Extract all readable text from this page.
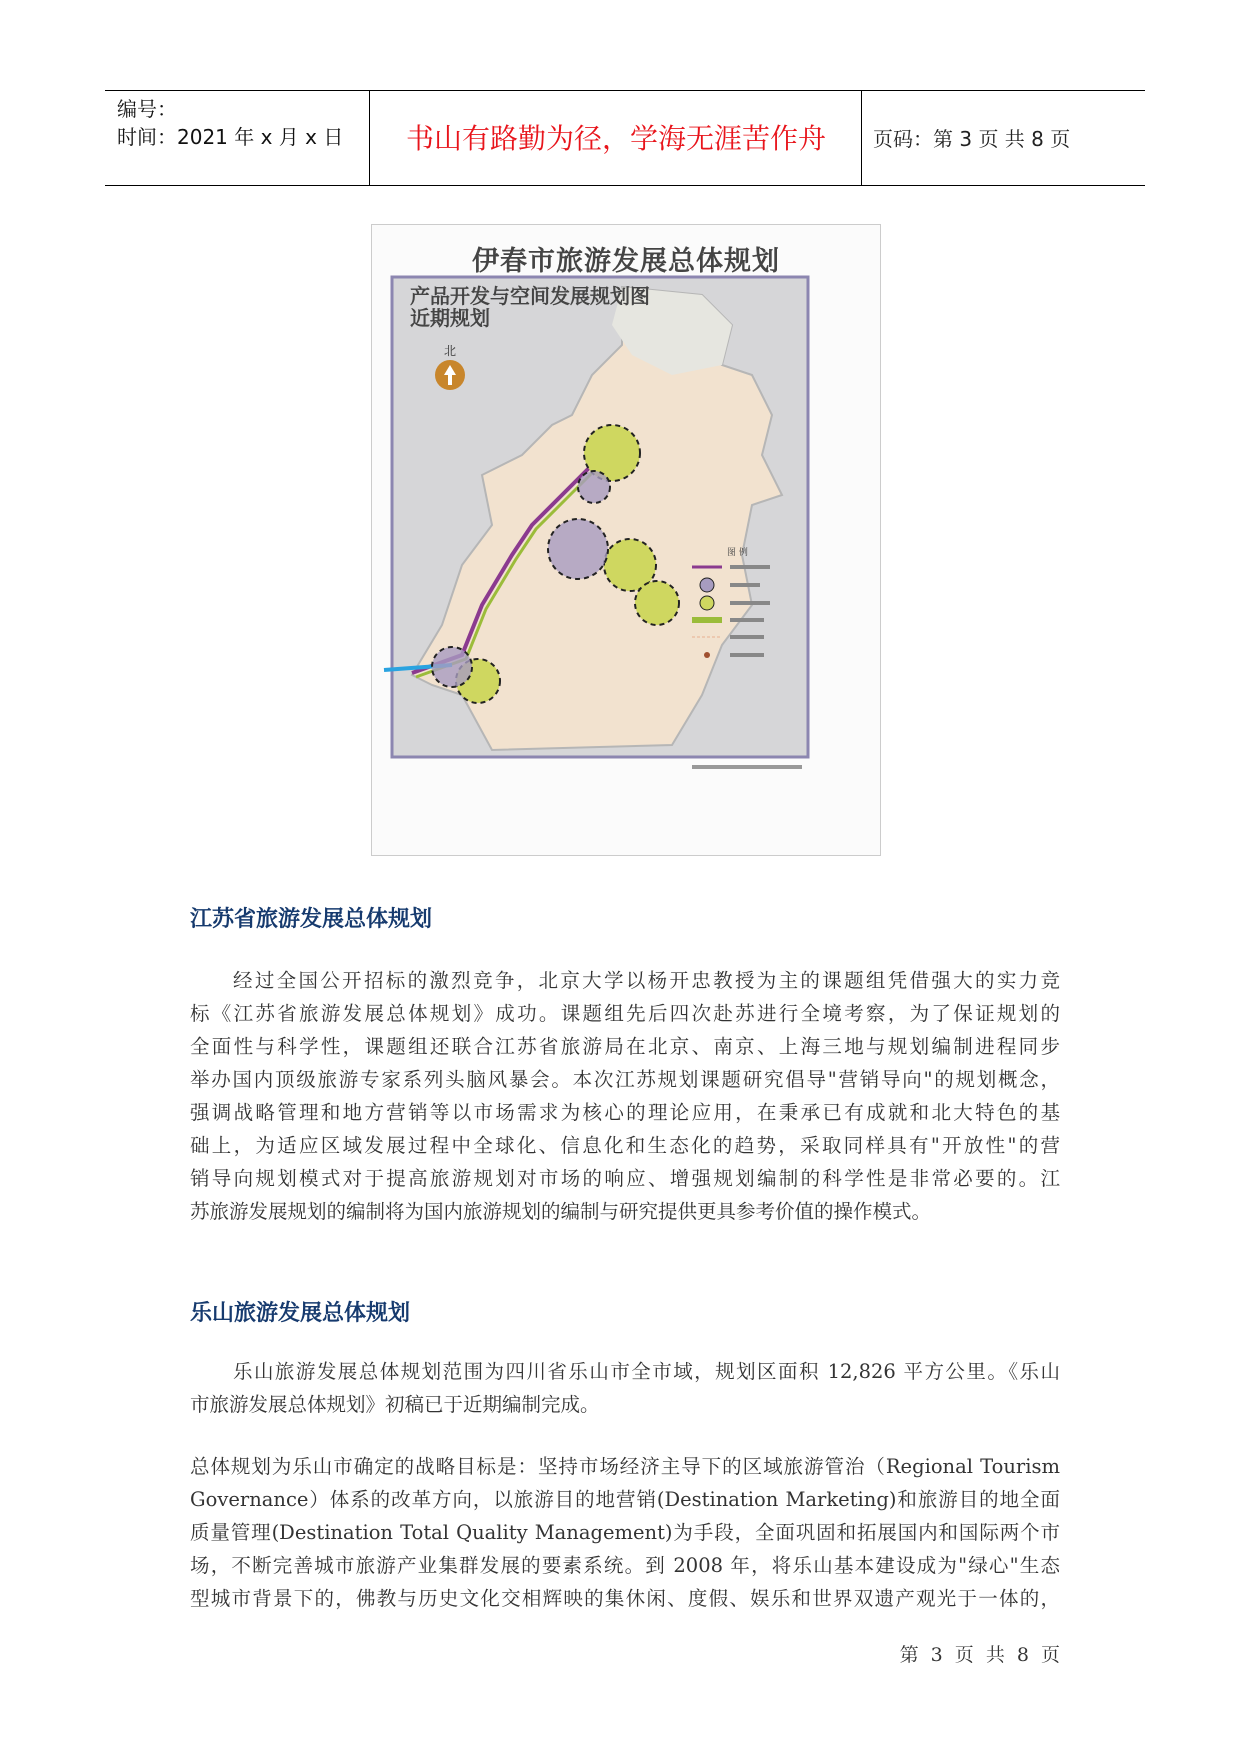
编号：
时间：2021 年 x 月 x 日	书山有路勤为径，学海无涯苦作舟	页码：第 3 页 共 8 页
伊春市旅游发展总体规划
北
图 例
产品开发与空间发展规划图
近期规划
江苏省旅游发展总体规划
经过全国公开招标的激烈竞争，北京大学以杨开忠教授为主的课题组凭借强大的实力竞
标《江苏省旅游发展总体规划》成功。课题组先后四次赴苏进行全境考察，为了保证规划的
全面性与科学性，课题组还联合江苏省旅游局在北京、南京、上海三地与规划编制进程同步
举办国内顶级旅游专家系列头脑风暴会。本次江苏规划课题研究倡导"营销导向"的规划概念，
强调战略管理和地方营销等以市场需求为核心的理论应用，在秉承已有成就和北大特色的基
础上，为适应区域发展过程中全球化、信息化和生态化的趋势，采取同样具有"开放性"的营
销导向规划模式对于提高旅游规划对市场的响应、增强规划编制的科学性是非常必要的。江
苏旅游发展规划的编制将为国内旅游规划的编制与研究提供更具参考价值的操作模式。
乐山旅游发展总体规划
乐山旅游发展总体规划范围为四川省乐山市全市域，规划区面积 12,826 平方公里。《乐山
市旅游发展总体规划》初稿已于近期编制完成。
总体规划为乐山市确定的战略目标是：坚持市场经济主导下的区域旅游管治（Regional Tourism
Governance）体系的改革方向，以旅游目的地营销(Destination Marketing)和旅游目的地全面
质量管理(Destination Total Quality Management)为手段，全面巩固和拓展国内和国际两个市
场，不断完善城市旅游产业集群发展的要素系统。到 2008 年，将乐山基本建设成为"绿心"生态
型城市背景下的，佛教与历史文化交相辉映的集休闲、度假、娱乐和世界双遗产观光于一体的，
第 3 页 共 8 页
